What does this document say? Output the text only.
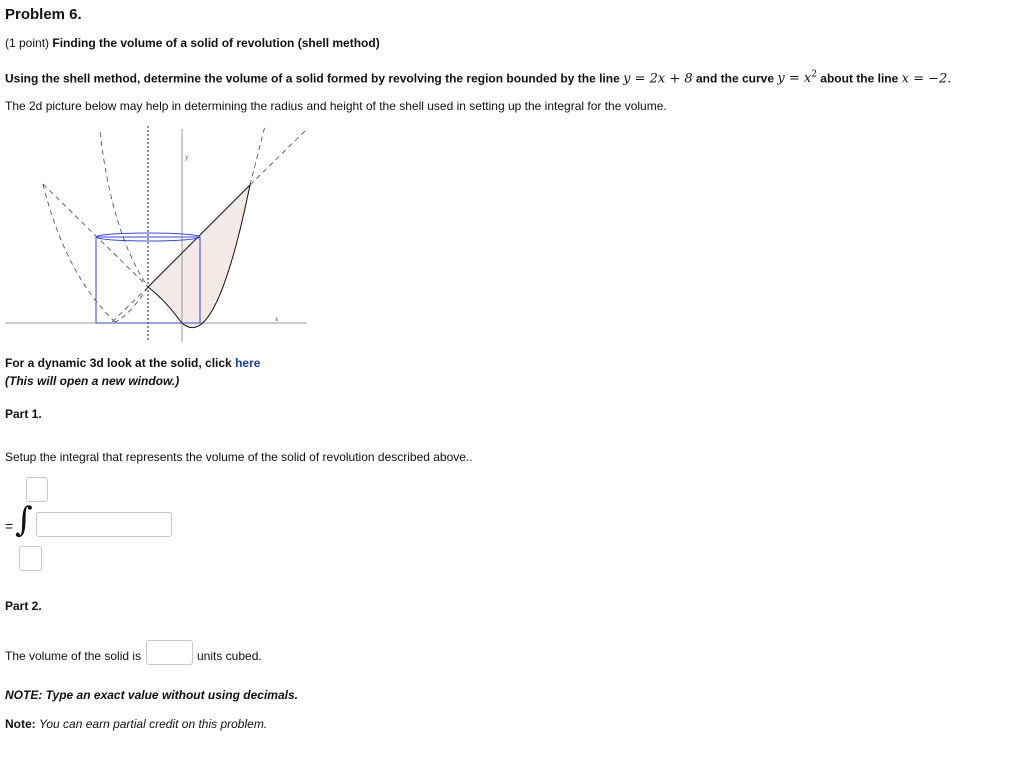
Problem 6.
(1 point) Finding the volume of a solid of revolution (shell method)
Using the shell method, determine the volume of a solid formed by revolving the region bounded by the line y = 2x + 8 and the curve $y = x^2$ about the line x = −2.
The 2d picture below may help in determining the radius and height of the shell used in setting up the integral for the volume.
y
x
For a dynamic 3d look at the solid, click here
(This will open a new window.)
Part 1.
Setup the integral that represents the volume of the solid of revolution described above..
= ∫
Part 2.
The volume of the solid is	units cubed.
NOTE: Type an exact value without using decimals.
Note: You can earn partial credit on this problem.
